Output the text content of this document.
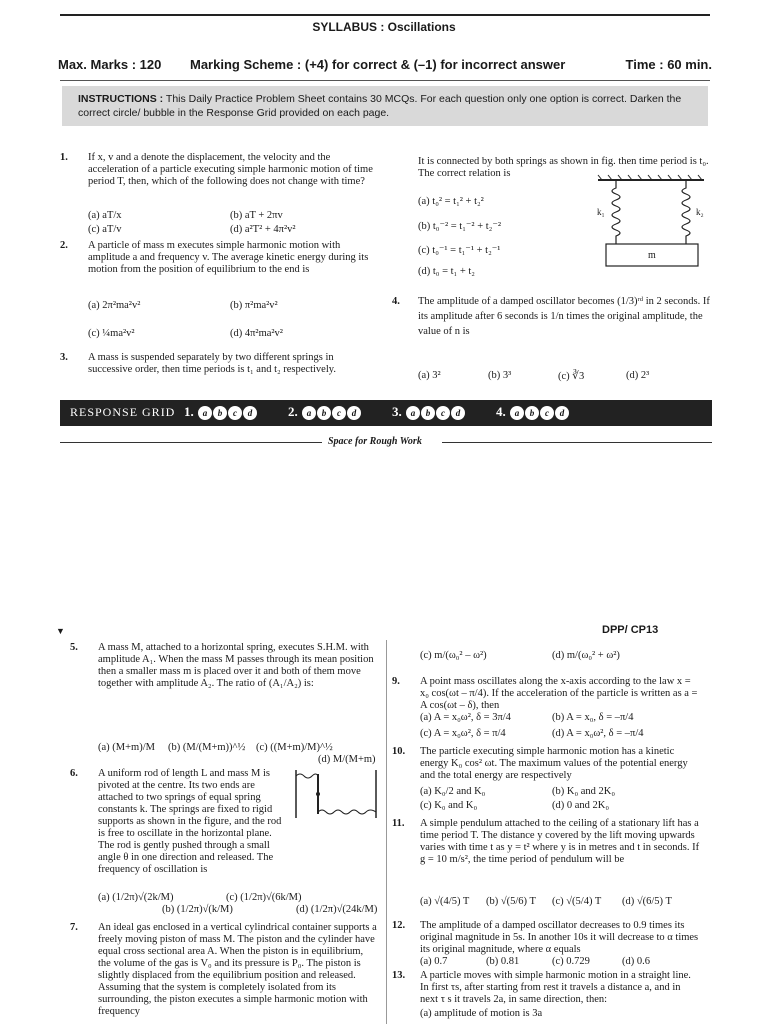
SYLLABUS : Oscillations
Max. Marks : 120 Marking Scheme : (+4) for correct & (–1) for incorrect answer	Time : 60 min.

INSTRUCTIONS : This Daily Practice Problem Sheet contains 30 MCQs. For each question only one option is correct. Darken the correct circle/ bubble in the Response Grid provided on each page.

1. If x, v and a denote the displacement, the velocity and the acceleration of a particle executing simple harmonic motion of time period T, then, which of the following does not change with time?
(a) aT/x	(b) aT + 2πv
(c) aT/v	(d) a²T² + 4π²v²
2. A particle of mass m executes simple harmonic motion with amplitude a and frequency v. The average kinetic energy during its motion from the position of equilibrium to the end is
(a) 2π²ma²v²	(b) π²ma²v²
(c) ¼ma²v²	(d) 4π²ma²v²
3. A mass is suspended separately by two different springs in successive order, then time periods is t₁ and t₂ respectively.
It is connected by both springs as shown in fig. then time period is t₀. The correct relation is
(a) t₀² = t₁² + t₂²
(b) t₀⁻² = t₁⁻² + t₂⁻²
(c) t₀⁻¹ = t₁⁻¹ + t₂⁻¹
(d) t₀ = t₁ + t₂
k₁	k₂
m
4. The amplitude of a damped oscillator becomes (1/3)ʳᵈ in 2 seconds. If its amplitude after 6 seconds is 1/n times the original amplitude, the value of n is
(a) 3²	(b) 3³	(c) ∛3	(d) 2³
RESPONSE GRID 1. a b c d	2. a b c d	3. a b c d	4. a b c d
Space for Rough Work
▼	DPP/ CP13
5. A mass M, attached to a horizontal spring, executes S.H.M. with amplitude A₁. When the mass M passes through its mean position then a smaller mass m is placed over it and both of them move together with amplitude A₂. The ratio of (A₁/A₂) is:
(a) (M+m)/M (b) (M/(M+m))^½ (c) ((M+m)/M)^½
(d) M/(M+m)
6. A uniform rod of length L and mass M is pivoted at the centre. Its two ends are attached to two springs of equal spring constants k. The springs are fixed to rigid supports as shown in the figure, and the rod is free to oscillate in the horizontal plane. The rod is gently pushed through a small angle θ in one direction and released. The frequency of oscillation is
(a) (1/2π)√(2k/M)
(b) (1/2π)√(k/M)
(c) (1/2π)√(6k/M)
(d) (1/2π)√(24k/M)
7. An ideal gas enclosed in a vertical cylindrical container supports a freely moving piston of mass M. The piston and the cylinder have equal cross sectional area A. When the piston is in equilibrium, the volume of the gas is V₀ and its pressure is P₀. The piston is slightly displaced from the equilibrium position and released. Assuming that the system is completely isolated from its surrounding, the piston executes a simple harmonic motion with frequency
(c) m/(ω₀² – ω²)	(d) m/(ω₀² + ω²)
9. A point mass oscillates along the x-axis according to the law x = x₀ cos(ωt – π/4). If the acceleration of the particle is written as a = A cos(ωt – δ), then
(a) A = x₀ω², δ = 3π/4	(b) A = x₀, δ = –π/4
(c) A = x₀ω², δ = π/4	(d) A = x₀ω², δ = –π/4
10. The particle executing simple harmonic motion has a kinetic energy K₀ cos² ωt. The maximum values of the potential energy and the total energy are respectively
(a) K₀/2 and K₀	(b) K₀ and 2K₀
(c) K₀ and K₀	(d) 0 and 2K₀
11. A simple pendulum attached to the ceiling of a stationary lift has a time period T. The distance y covered by the lift moving upwards varies with time t as y = t² where y is in metres and t in seconds. If g = 10 m/s², the time period of pendulum will be
(a) √(4/5) T (b) √(5/6) T (c) √(5/4) T (d) √(6/5) T
12. The amplitude of a damped oscillator decreases to 0.9 times its original magnitude in 5s. In another 10s it will decrease to α times its original magnitude, where α equals
(a) 0.7	(b) 0.81	(c) 0.729	(d) 0.6
13. A particle moves with simple harmonic motion in a straight line. In first τs, after starting from rest it travels a distance a, and in next τ s it travels 2a, in same direction, then:
(a) amplitude of motion is 3a
